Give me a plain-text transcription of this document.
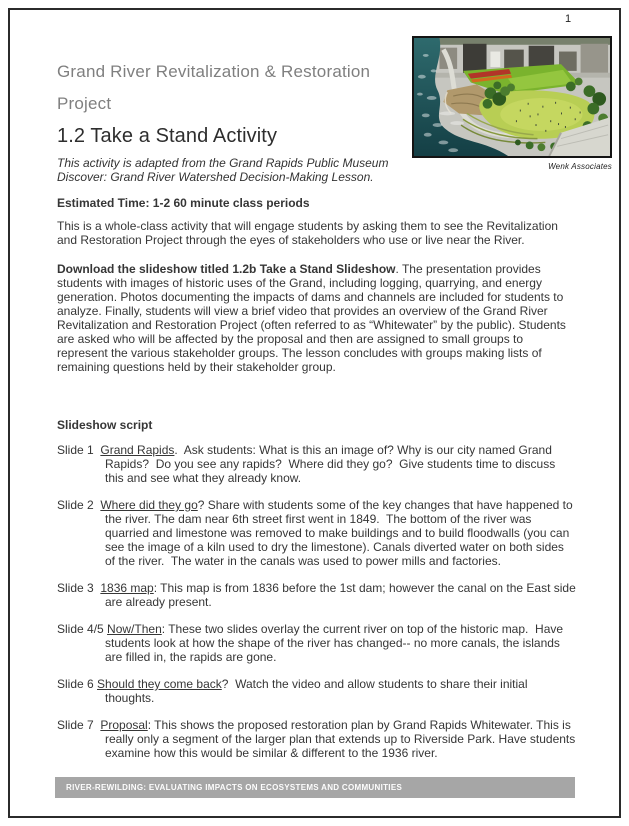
1
Wenk Associates
Grand River Revitalization & Restoration Project
1.2 Take a Stand Activity
This activity is adapted from the Grand Rapids Public Museum Discover: Grand River Watershed Decision-Making Lesson.

Estimated Time: 1-2 60 minute class periods

This is a whole-class activity that will engage students by asking them to see the Revitalization and Restoration Project through the eyes of stakeholders who use or live near the River.

Download the slideshow titled 1.2b Take a Stand Slideshow. The presentation provides students with images of historic uses of the Grand, including logging, quarrying, and energy generation. Photos documenting the impacts of dams and channels are included for students to analyze. Finally, students will view a brief video that provides an overview of the Grand River Revitalization and Restoration Project (often referred to as “Whitewater” by the public). Students are asked who will be affected by the proposal and then are assigned to small groups to represent the various stakeholder groups. The lesson concludes with groups making lists of remaining questions held by their stakeholder group.

Slideshow script

Slide 1  Grand Rapids.  Ask students: What is this an image of? Why is our city named Grand Rapids?  Do you see any rapids?  Where did they go?  Give students time to discuss this and see what they already know.

Slide 2  Where did they go? Share with students some of the key changes that have happened to the river. The dam near 6th street first went in 1849.  The bottom of the river was quarried and limestone was removed to make buildings and to build floodwalls (you can see the image of a kiln used to dry the limestone). Canals diverted water on both sides of the river.  The water in the canals was used to power mills and factories.

Slide 3  1836 map: This map is from 1836 before the 1st dam; however the canal on the East side are already present.

Slide 4/5 Now/Then: These two slides overlay the current river on top of the historic map.  Have students look at how the shape of the river has changed-- no more canals, the islands are filled in, the rapids are gone.

Slide 6 Should they come back?  Watch the video and allow students to share their initial thoughts.

Slide 7  Proposal: This shows the proposed restoration plan by Grand Rapids Whitewater. This is really only a segment of the larger plan that extends up to Riverside Park. Have students examine how this would be similar & different to the 1936 river.

RIVER-REWILDING: EVALUATING IMPACTS ON ECOSYSTEMS AND COMMUNITIES
